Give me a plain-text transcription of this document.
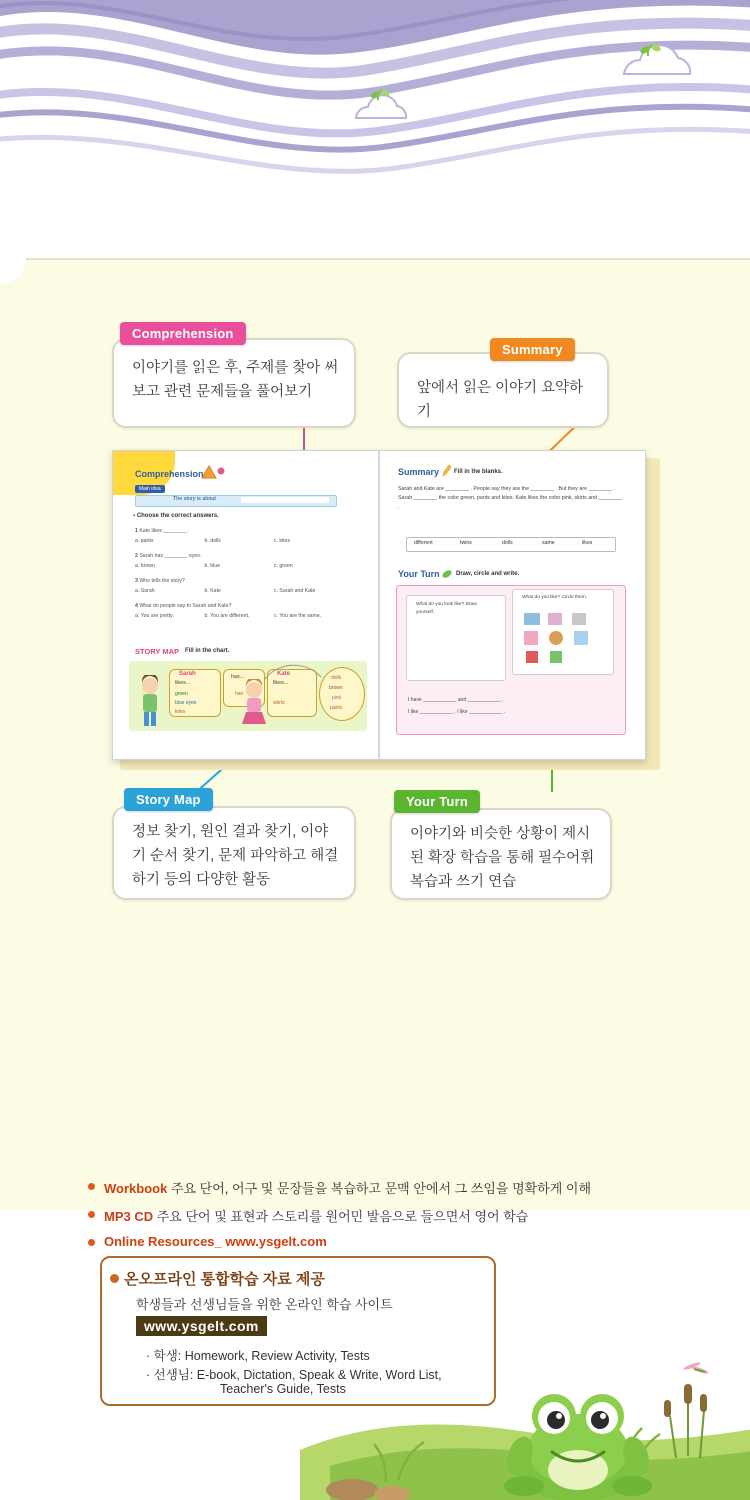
이야기를 읽은 후, 주제를 찾아 써 보고 관련 문제들을 풀어보기
Comprehension
앞에서 읽은 이야기 요약하기
Summary
정보 찾기, 원인 결과 찾기, 이야기 순서 찾기, 문제 파악하고 해결하기 등의 다양한 활동
Story Map
이야기와 비슷한 상황이 제시된 확장 학습을 통해 필수어휘 복습과 쓰기 연습
Your Turn
Comprehension
Main idea
The story is about
▪ Choose the correct answers.
1 Kate likes ________ .
a. pants	b. dolls	c. kites
2 Sarah has ________ eyes.
a. brown	b. blue	c. green
3 Who tells the story?
a. Sarah	b. Kate	c. Sarah and Kate
4 What do people say to Sarah and Kate?
a. You are pretty.	b. You are different.	c. You are the same.
STORY MAP Fill in the chart.
Sarah
likes...
green
blue eyes
kites
has...
hair
Kate
likes...
skirts
dolls
brown
pink
pants
Summary Fill in the blanks.
Sarah and Kate are ________ . People say they are the ________ . But they are ________ . Sarah ________ the color green, pants and kites. Kate likes the color pink, skirts and ________ .
different	twins	dolls	same	likes
Your Turn	Draw, circle and write.
What do you look like? Draw yourself.
What do you like? Circle them.
I have ____________ and ____________ .
I like ____________ . I like ____________ .
Workbook 주요 단어, 어구 및 문장들을 복습하고 문맥 안에서 그 쓰임을 명확하게 이해
MP3 CD 주요 단어 및 표현과 스토리를 원어민 발음으로 들으면서 영어 학습
Online Resources_ www.ysgelt.com
온오프라인 통합학습 자료 제공
학생들과 선생님들을 위한 온라인 학습 사이트
www.ysgelt.com
· 학생: Homework, Review Activity, Tests
· 선생님: E-book, Dictation, Speak & Write, Word List,
Teacher's Guide, Tests
